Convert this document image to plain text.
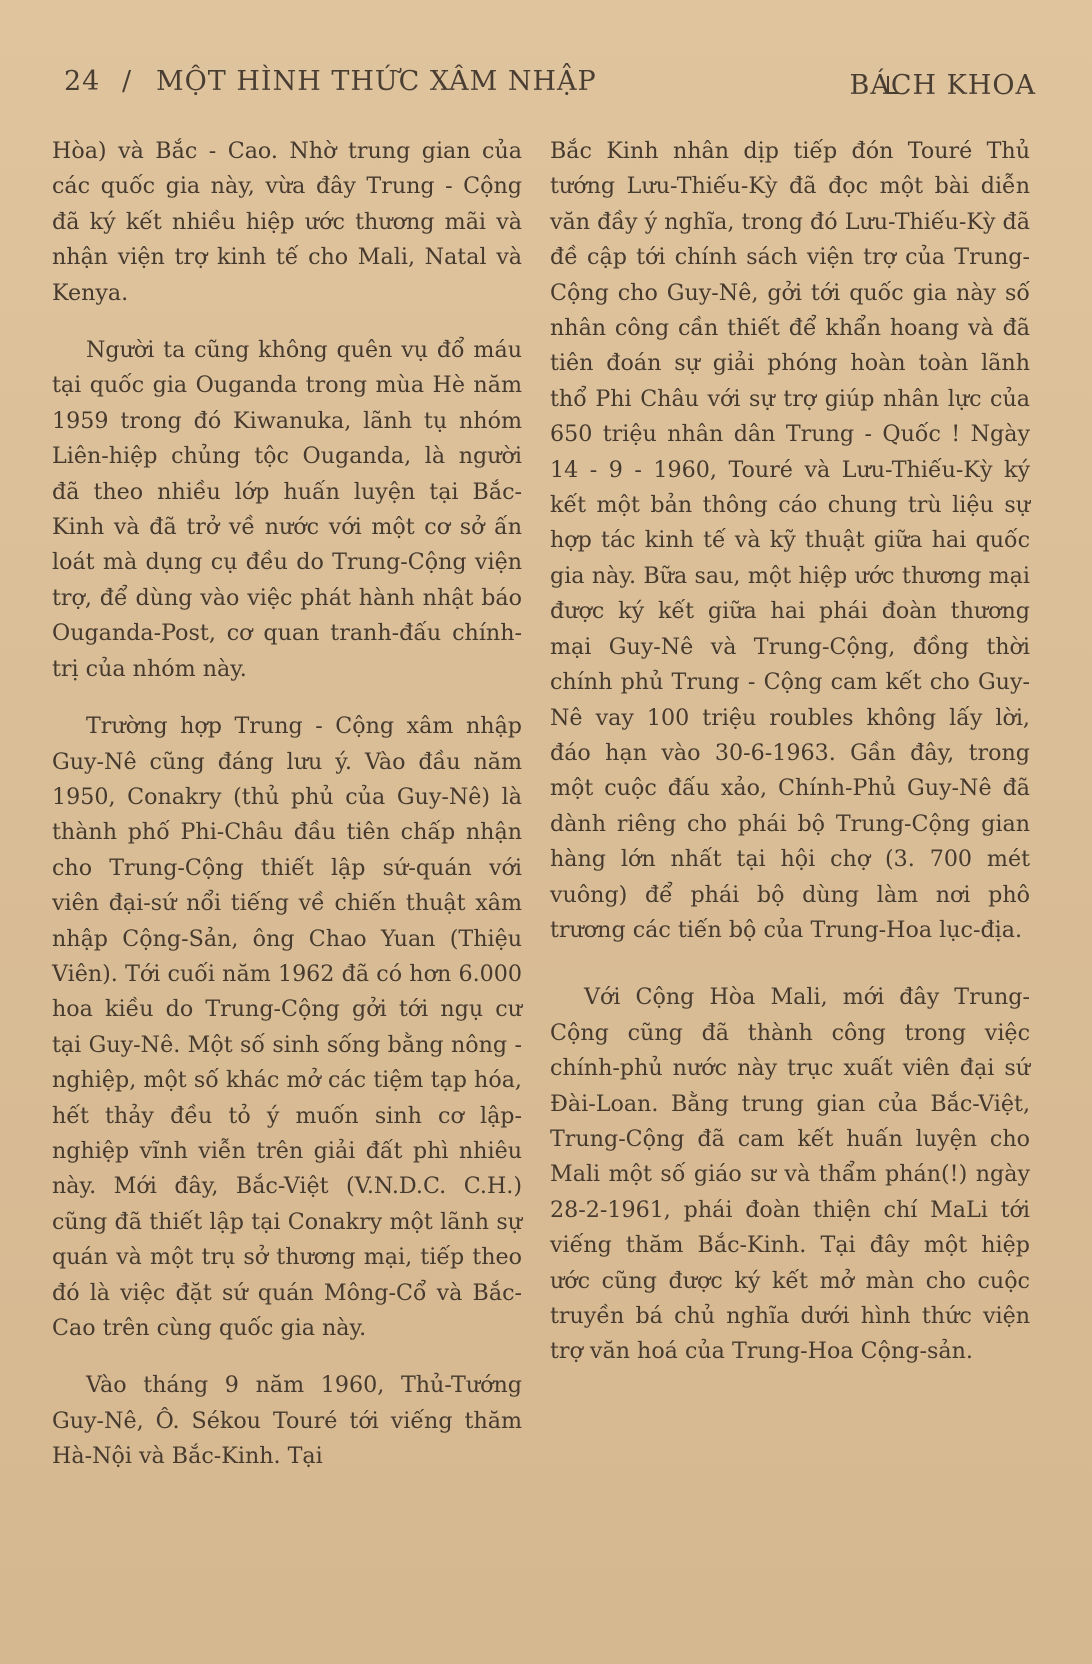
24 / MỘT HÌNH THỨC XÂM NHẬP	BÁCH KHOA

Hòa) và Bắc - Cao. Nhờ trung gian của các quốc gia này, vừa đây Trung - Cộng đã ký kết nhiều hiệp ước thương mãi và nhận viện trợ kinh tế cho Mali, Natal và Kenya.

Người ta cũng không quên vụ đổ máu tại quốc gia Ouganda trong mùa Hè năm 1959 trong đó Kiwanuka, lãnh tụ nhóm Liên-hiệp chủng tộc Ouganda, là người đã theo nhiều lớp huấn luyện tại Bắc-Kinh và đã trở về nước với một cơ sở ấn loát mà dụng cụ đều do Trung-Cộng viện trợ, để dùng vào việc phát hành nhật báo Ouganda-Post, cơ quan tranh-đấu chính-trị của nhóm này.

Trường hợp Trung - Cộng xâm nhập Guy-Nê cũng đáng lưu ý. Vào đầu năm 1950, Conakry (thủ phủ của Guy-Nê) là thành phố Phi-Châu đầu tiên chấp nhận cho Trung-Cộng thiết lập sứ-quán với viên đại-sứ nổi tiếng về chiến thuật xâm nhập Cộng-Sản, ông Chao Yuan (Thiệu Viên). Tới cuối năm 1962 đã có hơn 6.000 hoa kiều do Trung-Cộng gởi tới ngụ cư tại Guy-Nê. Một số sinh sống bằng nông - nghiệp, một số khác mở các tiệm tạp hóa, hết thảy đều tỏ ý muốn sinh cơ lập-nghiệp vĩnh viễn trên giải đất phì nhiêu này. Mới đây, Bắc-Việt (V.N.D.C. C.H.) cũng đã thiết lập tại Conakry một lãnh sự quán và một trụ sở thương mại, tiếp theo đó là việc đặt sứ quán Mông-Cổ và Bắc-Cao trên cùng quốc gia này.

Vào tháng 9 năm 1960, Thủ-Tướng Guy-Nê, Ô. Sékou Touré tới viếng thăm Hà-Nội và Bắc-Kinh. Tại

Bắc Kinh nhân dịp tiếp đón Touré Thủ tướng Lưu-Thiếu-Kỳ đã đọc một bài diễn văn đầy ý nghĩa, trong đó Lưu-Thiếu-Kỳ đã đề cập tới chính sách viện trợ của Trung-Cộng cho Guy-Nê, gởi tới quốc gia này số nhân công cần thiết để khẩn hoang và đã tiên đoán sự giải phóng hoàn toàn lãnh thổ Phi Châu với sự trợ giúp nhân lực của 650 triệu nhân dân Trung - Quốc ! Ngày 14 - 9 - 1960, Touré và Lưu-Thiếu-Kỳ ký kết một bản thông cáo chung trù liệu sự hợp tác kinh tế và kỹ thuật giữa hai quốc gia này. Bữa sau, một hiệp ước thương mại được ký kết giữa hai phái đoàn thương mại Guy-Nê và Trung-Cộng, đồng thời chính phủ Trung - Cộng cam kết cho Guy-Nê vay 100 triệu roubles không lấy lời, đáo hạn vào 30-6-1963. Gần đây, trong một cuộc đấu xảo, Chính-Phủ Guy-Nê đã dành riêng cho phái bộ Trung-Cộng gian hàng lớn nhất tại hội chợ (3. 700 mét vuông) để phái bộ dùng làm nơi phô trương các tiến bộ của Trung-Hoa lục-địa.

Với Cộng Hòa Mali, mới đây Trung-Cộng cũng đã thành công trong việc chính-phủ nước này trục xuất viên đại sứ Đài-Loan. Bằng trung gian của Bắc-Việt, Trung-Cộng đã cam kết huấn luyện cho Mali một số giáo sư và thẩm phán(!) ngày 28-2-1961, phái đoàn thiện chí MaLi tới viếng thăm Bắc-Kinh. Tại đây một hiệp ước cũng được ký kết mở màn cho cuộc truyền bá chủ nghĩa dưới hình thức viện trợ văn hoá của Trung-Hoa Cộng-sản.
